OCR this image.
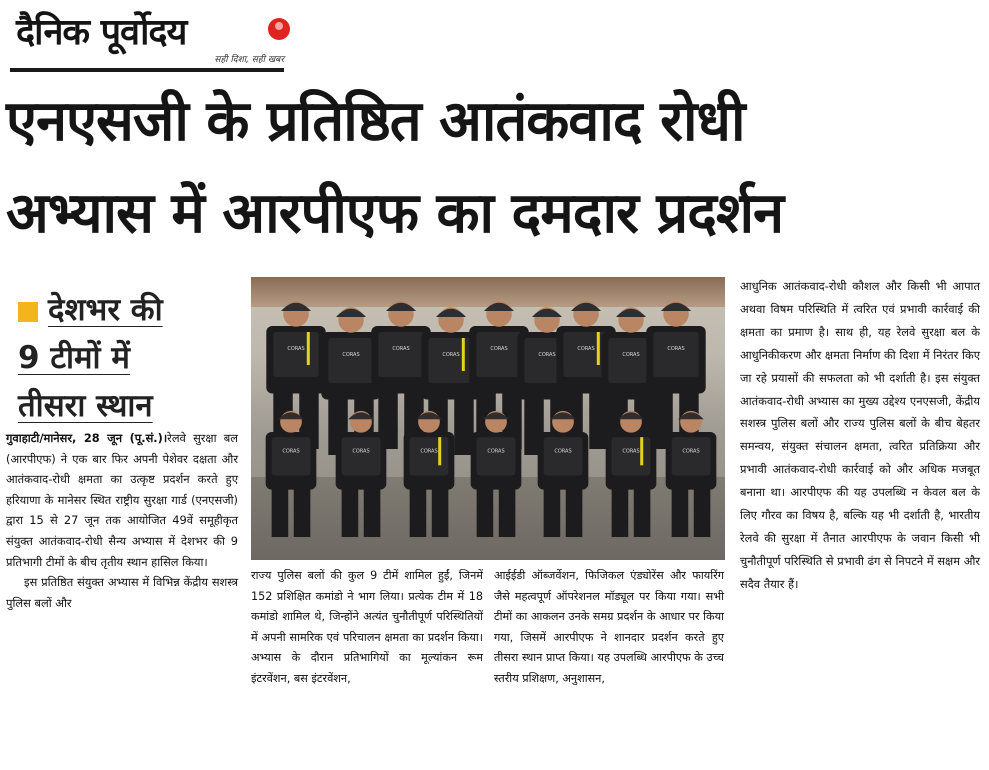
दैनिक पूर्वोदय
सही दिशा, सही खबर
एनएसजी के प्रतिष्ठित आतंकवाद रोधी
अभ्यास में आरपीएफ का दमदार प्रदर्शन
देशभर की
9 टीमों में
तीसरा स्थान
CORAS
CORAS
CORAS
CORAS
CORAS
CORAS
CORAS
CORAS
CORAS
CORAS	CORAS	CORAS	CORAS	CORAS	CORAS	CORAS

गुवाहाटी/मानेसर, 28 जून (पू.सं.)।रेलवे सुरक्षा बल (आरपीएफ) ने एक बार फिर अपनी पेशेवर दक्षता और आतंकवाद-रोधी क्षमता का उत्कृष्ट प्रदर्शन करते हुए हरियाणा के मानेसर स्थित राष्ट्रीय सुरक्षा गार्ड (एनएसजी) द्वारा 15 से 27 जून तक आयोजित 49वें समूहीकृत संयुक्त आतंकवाद-रोधी सैन्य अभ्यास में देशभर की 9 प्रतिभागी टीमों के बीच तृतीय स्थान हासिल किया।

इस प्रतिष्ठित संयुक्त अभ्यास में विभिन्न केंद्रीय सशस्त्र पुलिस बलों और

राज्य पुलिस बलों की कुल 9 टीमें शामिल हुईं, जिनमें 152 प्रशिक्षित कमांडो ने भाग लिया। प्रत्येक टीम में 18 कमांडो शामिल थे, जिन्होंने अत्यंत चुनौतीपूर्ण परिस्थितियों में अपनी सामरिक एवं परिचालन क्षमता का प्रदर्शन किया। अभ्यास के दौरान प्रतिभागियों का मूल्यांकन रूम इंटरवेंशन, बस इंटरवेंशन,

आईईडी ऑब्जर्वेशन, फिजिकल एंड्योरेंस और फायरिंग जैसे महत्वपूर्ण ऑपरेशनल मॉड्यूल पर किया गया। सभी टीमों का आकलन उनके समग्र प्रदर्शन के आधार पर किया गया, जिसमें आरपीएफ ने शानदार प्रदर्शन करते हुए तीसरा स्थान प्राप्त किया। यह उपलब्धि आरपीएफ के उच्च स्तरीय प्रशिक्षण, अनुशासन,

आधुनिक आतंकवाद-रोधी कौशल और किसी भी आपात अथवा विषम परिस्थिति में त्वरित एवं प्रभावी कार्रवाई की क्षमता का प्रमाण है। साथ ही, यह रेलवे सुरक्षा बल के आधुनिकीकरण और क्षमता निर्माण की दिशा में निरंतर किए जा रहे प्रयासों की सफलता को भी दर्शाती है। इस संयुक्त आतंकवाद-रोधी अभ्यास का मुख्य उद्देश्य एनएसजी, केंद्रीय सशस्त्र पुलिस बलों और राज्य पुलिस बलों के बीच बेहतर समन्वय, संयुक्त संचालन क्षमता, त्वरित प्रतिक्रिया और प्रभावी आतंकवाद-रोधी कार्रवाई को और अधिक मजबूत बनाना था। आरपीएफ की यह उपलब्धि न केवल बल के लिए गौरव का विषय है, बल्कि यह भी दर्शाती है, भारतीय रेलवे की सुरक्षा में तैनात आरपीएफ के जवान किसी भी चुनौतीपूर्ण परिस्थिति से प्रभावी ढंग से निपटने में सक्षम और सदैव तैयार हैं।
